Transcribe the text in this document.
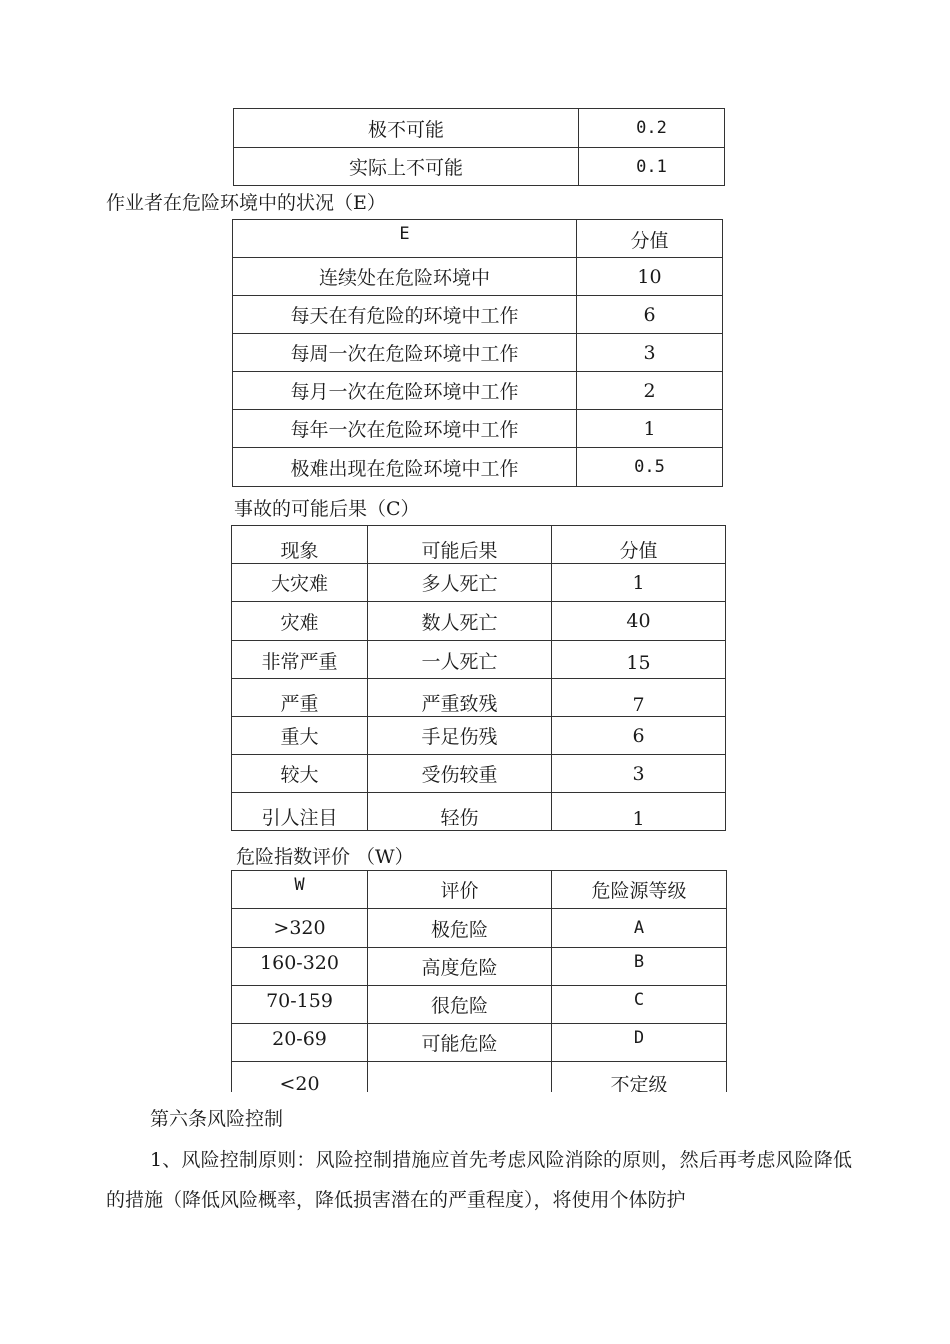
极不可能	0.2
实际上不可能	0.1
作业者在危险环境中的状况（E）
E	分值
连续处在危险环境中	10
每天在有危险的环境中工作	6
每周一次在危险环境中工作	3
每月一次在危险环境中工作	2
每年一次在危险环境中工作	1
极难出现在危险环境中工作	0.5
事故的可能后果（C）
现象	可能后果	分值
大灾难	多人死亡	1
灾难	数人死亡	40
非常严重	一人死亡	15
严重	严重致残	7
重大	手足伤残	6
较大	受伤较重	3
引人注目	轻伤	1
危险指数评价 （W）
W	评价	危险源等级
>320	极危险	A
160-320	高度危险	B
70-159	很危险	C
20-69	可能危险	D
<20		不定级
第六条风险控制
1、风险控制原则：风险控制措施应首先考虑风险消除的原则，然后再考虑风险降低的措施（降低风险概率，降低损害潜在的严重程度），将使用个体防护
